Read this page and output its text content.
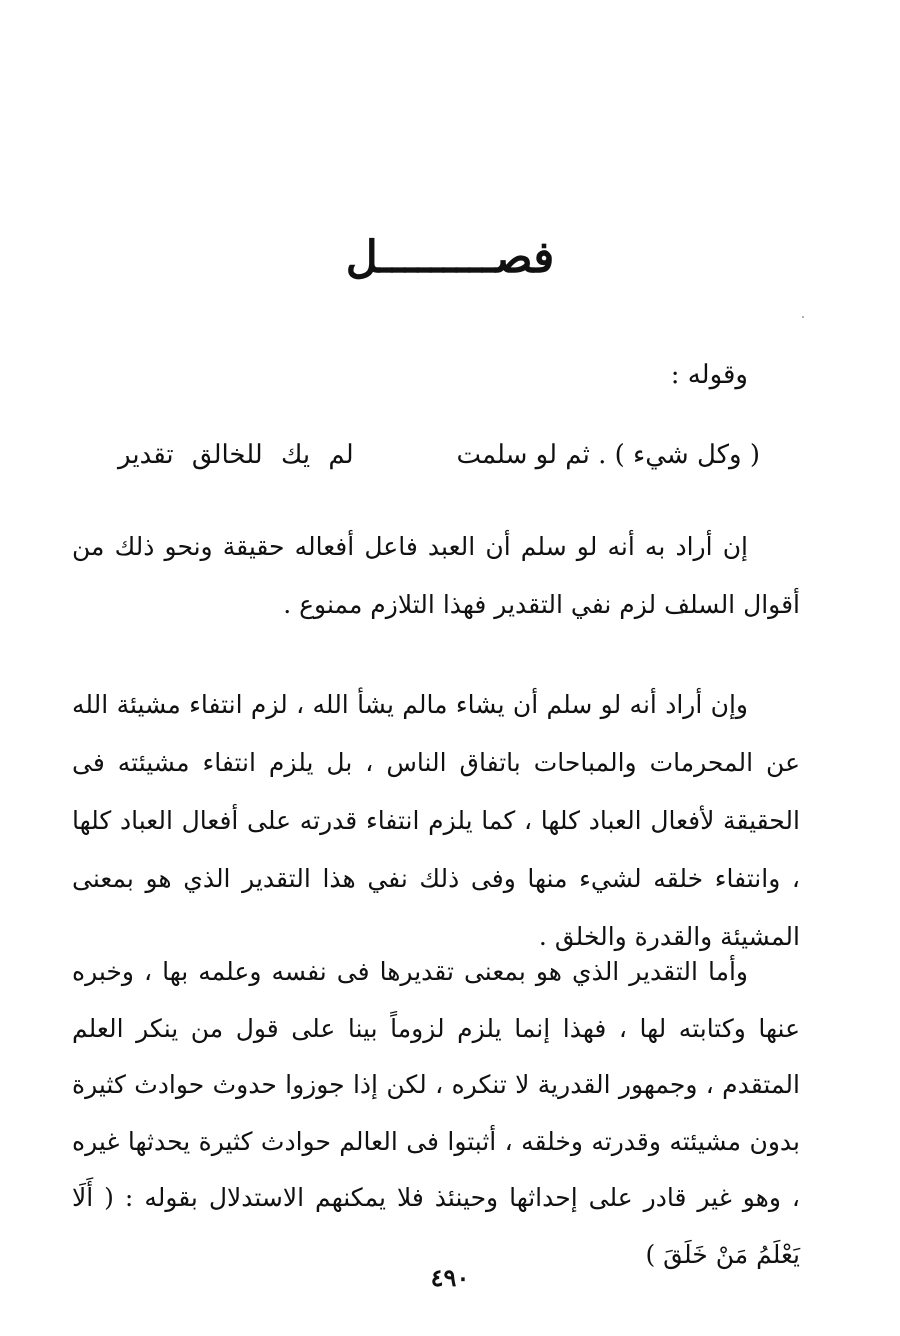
فصـــــــــل
وقوله :
( وكل شيء ) . ثم لو سلمت
لم يك للخالق تقدير

إن أراد به أنه لو سلم أن العبد فاعل أفعاله حقيقة ونحو ذلك من أقوال السلف لزم نفي التقدير فهذا التلازم ممنوع .

وإن أراد أنه لو سلم أن يشاء مالم يشأ الله ، لزم انتفاء مشيئة الله عن المحرمات والمباحات باتفاق الناس ، بل يلزم انتفاء مشيئته فى الحقيقة لأفعال العباد كلها ، كما يلزم انتفاء قدرته على أفعال العباد كلها ، وانتفاء خلقه لشيء منها وفى ذلك نفي هذا التقدير الذي هو بمعنى المشيئة والقدرة والخلق .

وأما التقدير الذي هو بمعنى تقديرها فى نفسه وعلمه بها ، وخبره عنها وكتابته لها ، فهذا إنما يلزم لزوماً بينا على قول من ينكر العلم المتقدم ، وجمهور القدرية لا تنكره ، لكن إذا جوزوا حدوث حوادث كثيرة بدون مشيئته وقدرته وخلقه ، أثبتوا فى العالم حوادث كثيرة يحدثها غيره ، وهو غير قادر على إحداثها وحينئذ فلا يمكنهم الاستدلال بقوله : ( أَلَا يَعْلَمُ مَنْ خَلَقَ )

٤٩٠
